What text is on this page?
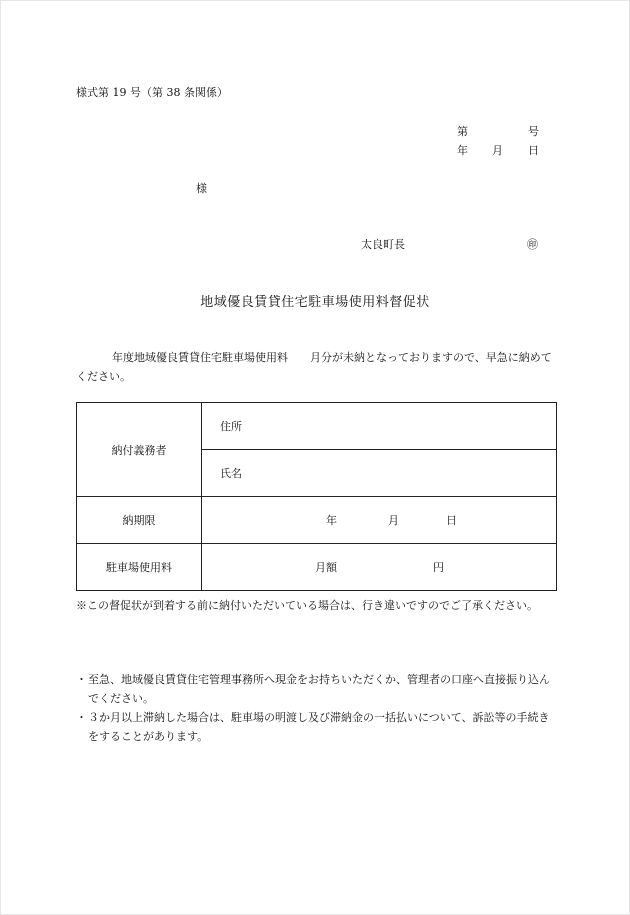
様式第 19 号（第 38 条関係）
第	号
年 月 日
様
太良町長	㊞
地域優良賃貸住宅駐車場使用料督促状
年度地域優良賃貸住宅駐車場使用料 月分が未納となっておりますので、早急に納めてください。
納付義務者	住所

	氏名

納期限	年 月 日

駐車場使用料	月額 円
※この督促状が到着する前に納付いただいている場合は、行き違いですのでご了承ください。
・ 至急、地域優良賃貸住宅管理事務所へ現金をお持ちいただくか、管理者の口座へ直接振り込んでください。
・ ３か月以上滞納した場合は、駐車場の明渡し及び滞納金の一括払いについて、訴訟等の手続きをすることがあります。
